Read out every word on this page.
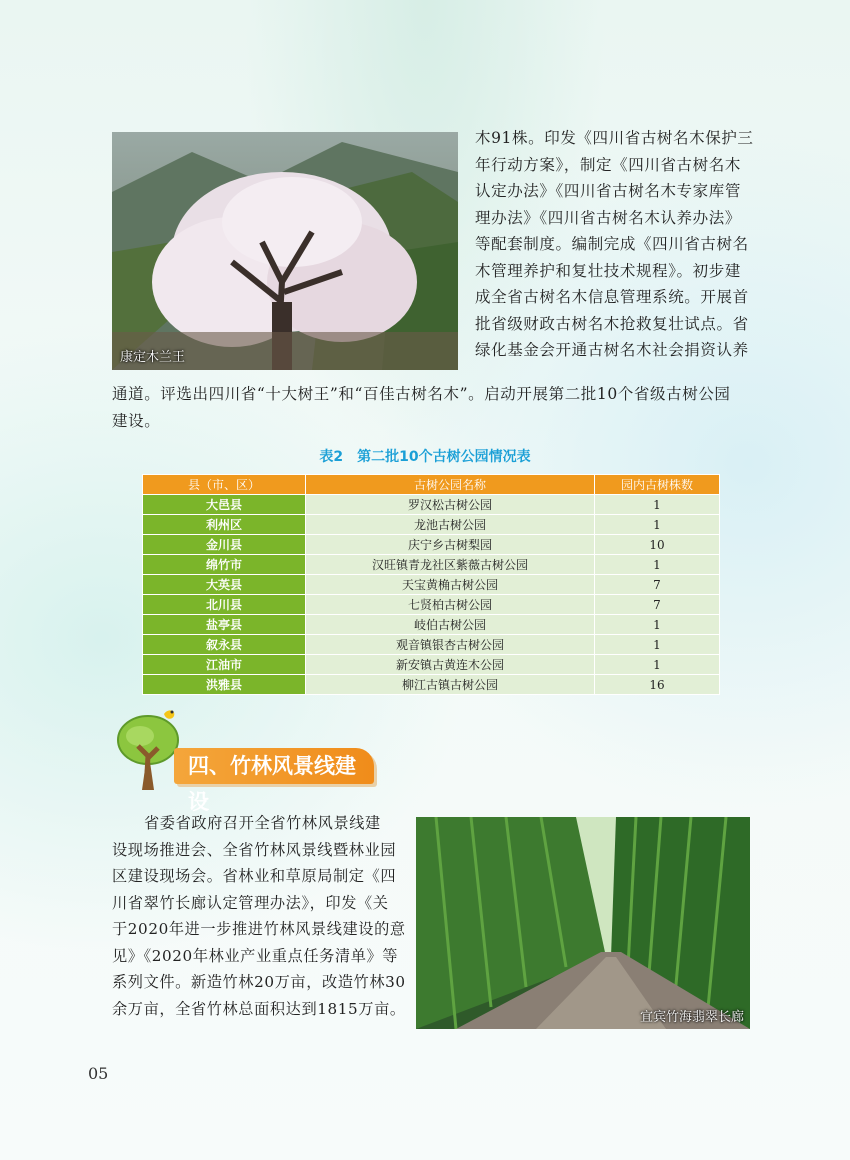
康定木兰王
木91株。印发《四川省古树名木保护三
年行动方案》，制定《四川省古树名木
认定办法》《四川省古树名木专家库管
理办法》《四川省古树名木认养办法》
等配套制度。编制完成《四川省古树名
木管理养护和复壮技术规程》。初步建
成全省古树名木信息管理系统。开展首
批省级财政古树名木抢救复壮试点。省
绿化基金会开通古树名木社会捐资认养
通道。评选出四川省“十大树王”和“百佳古树名木”。启动开展第二批10个省级古树公园
建设。
表2　第二批10个古树公园情况表
县（市、区）	古树公园名称	园内古树株数
大邑县	罗汉松古树公园	1
利州区	龙池古树公园	1
金川县	庆宁乡古树梨园	10
绵竹市	汉旺镇青龙社区紫薇古树公园	1
大英县	天宝黄桷古树公园	7
北川县	七贤柏古树公园	7
盐亭县	岐伯古树公园	1
叙永县	观音镇银杏古树公园	1
江油市	新安镇古黄连木公园	1
洪雅县	柳江古镇古树公园	16
四、竹林风景线建设
省委省政府召开全省竹林风景线建
设现场推进会、全省竹林风景线暨林业园
区建设现场会。省林业和草原局制定《四
川省翠竹长廊认定管理办法》，印发《关
于2020年进一步推进竹林风景线建设的意
见》《2020年林业产业重点任务清单》等
系列文件。新造竹林20万亩，改造竹林30
余万亩，全省竹林总面积达到1815万亩。	宜宾竹海翡翠长廊
05
